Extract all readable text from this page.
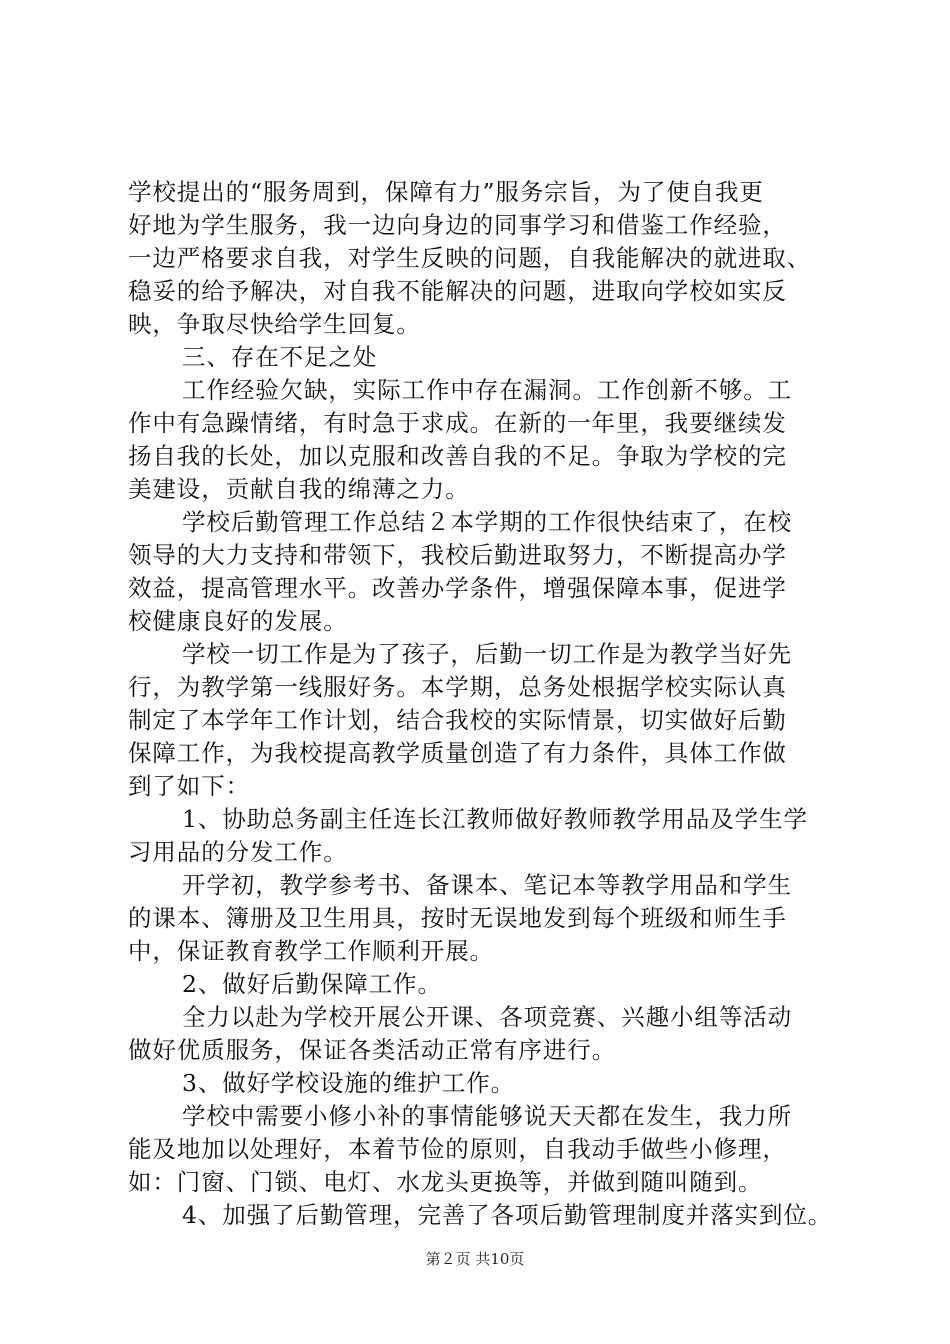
学校提出的“服务周到，保障有力”服务宗旨，为了使自我更
好地为学生服务，我一边向身边的同事学习和借鉴工作经验，
一边严格要求自我，对学生反映的问题，自我能解决的就进取、
稳妥的给予解决，对自我不能解决的问题，进取向学校如实反
映，争取尽快给学生回复。
三、存在不足之处
工作经验欠缺，实际工作中存在漏洞。工作创新不够。工
作中有急躁情绪，有时急于求成。在新的一年里，我要继续发
扬自我的长处，加以克服和改善自我的不足。争取为学校的完
美建设，贡献自我的绵薄之力。
学校后勤管理工作总结２本学期的工作很快结束了，在校
领导的大力支持和带领下，我校后勤进取努力，不断提高办学
效益，提高管理水平。改善办学条件，增强保障本事，促进学
校健康良好的发展。
学校一切工作是为了孩子，后勤一切工作是为教学当好先
行，为教学第一线服好务。本学期，总务处根据学校实际认真
制定了本学年工作计划，结合我校的实际情景，切实做好后勤
保障工作，为我校提高教学质量创造了有力条件，具体工作做
到了如下：
1、协助总务副主任连长江教师做好教师教学用品及学生学
习用品的分发工作。
开学初，教学参考书、备课本、笔记本等教学用品和学生
的课本、簿册及卫生用具，按时无误地发到每个班级和师生手
中，保证教育教学工作顺利开展。
2、做好后勤保障工作。
全力以赴为学校开展公开课、各项竞赛、兴趣小组等活动
做好优质服务，保证各类活动正常有序进行。
3、做好学校设施的维护工作。
学校中需要小修小补的事情能够说天天都在发生，我力所
能及地加以处理好，本着节俭的原则，自我动手做些小修理，
如：门窗、门锁、电灯、水龙头更换等，并做到随叫随到。
4、加强了后勤管理，完善了各项后勤管理制度并落实到位。
第２页 共10页
